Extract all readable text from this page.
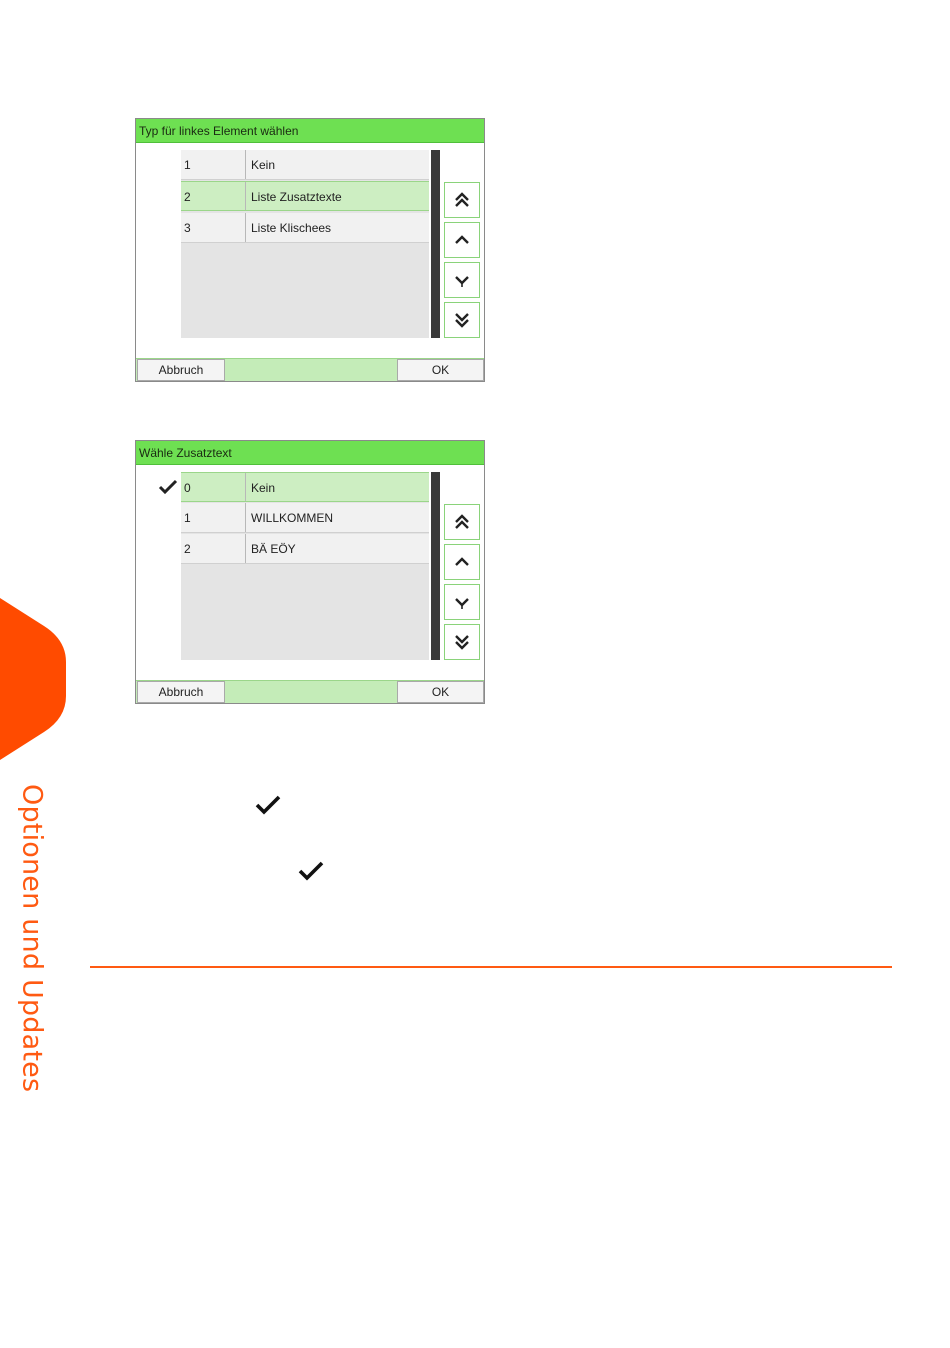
Optionen und Updates
Typ für linkes Element wählen
1	Kein
2	Liste Zusatztexte
3	Liste Klischees
Abbruch	OK
Wähle Zusatztext
0	Kein
1	WILLKOMMEN
2	BÄ EÖY
Abbruch	OK
